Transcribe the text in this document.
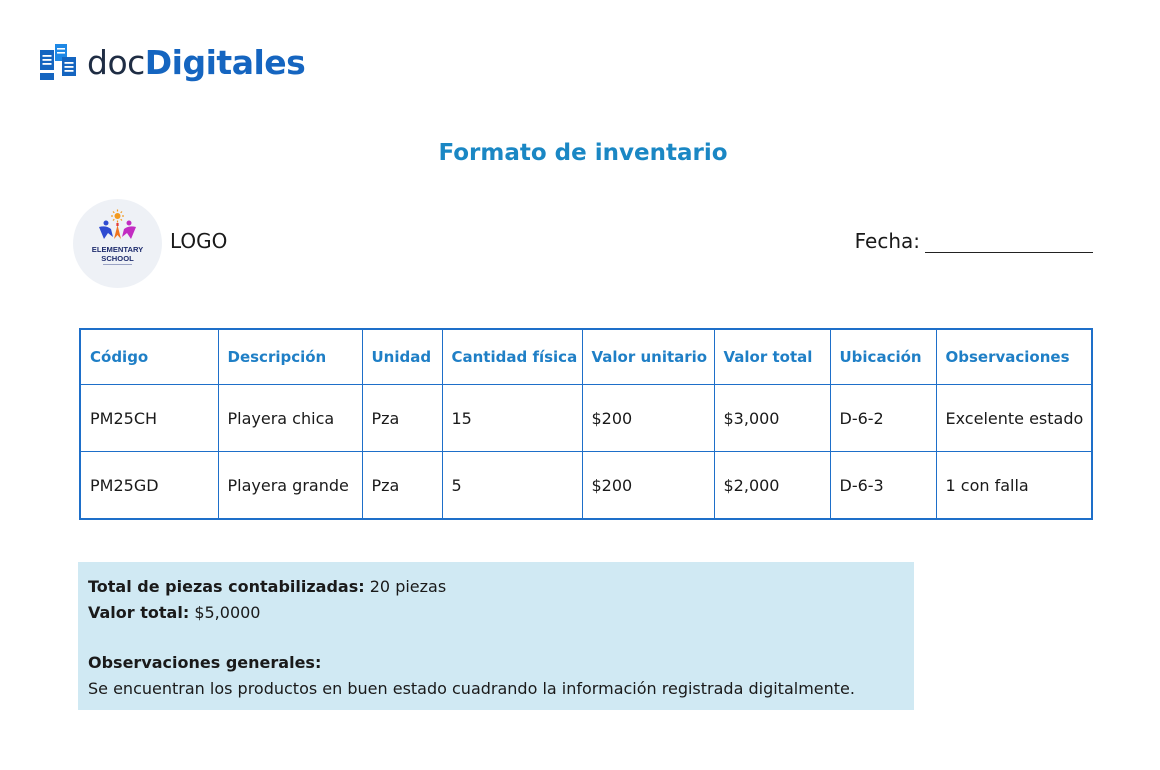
docDigitales
Formato de inventario
ELEMENTARY
SCHOOL
LOGO	Fecha:
Código	Descripción	Unidad	Cantidad física	Valor unitario	Valor total	Ubicación	Observaciones
PM25CH	Playera chica	Pza	15	$200	$3,000	D-6-2	Excelente estado
PM25GD	Playera grande	Pza	5	$200	$2,000	D-6-3	1 con falla
Total de piezas contabilizadas: 20 piezas
Valor total: $5,0000
Observaciones generales:
Se encuentran los productos en buen estado cuadrando la información registrada digitalmente.
